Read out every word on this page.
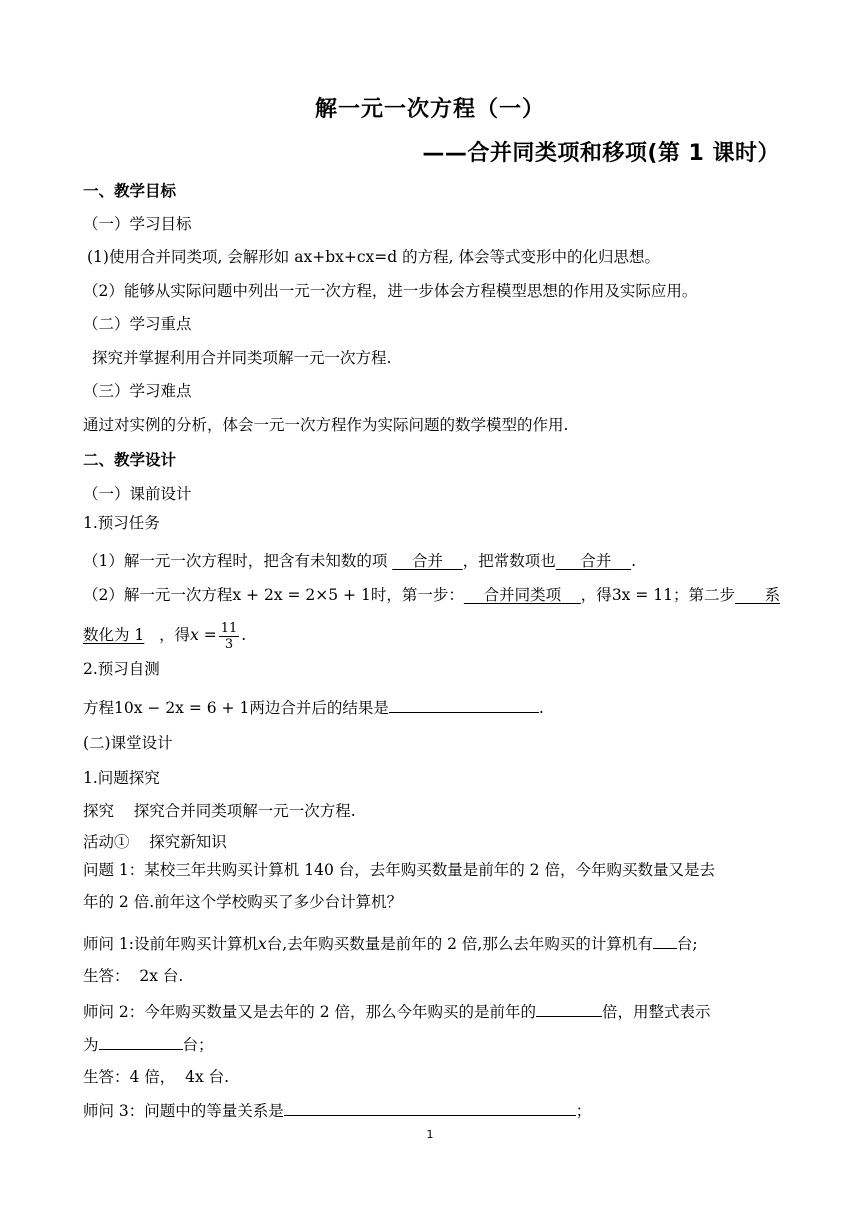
解一元一次方程（一）
——合并同类项和移项(第 1 课时）
一、教学目标
（一）学习目标
(1)使用合并同类项, 会解形如 ax+bx+cx=d 的方程, 体会等式变形中的化归思想。
（2）能够从实际问题中列出一元一次方程，进一步体会方程模型思想的作用及实际应用。
（二）学习重点
探究并掌握利用合并同类项解一元一次方程.
（三）学习难点
通过对实例的分析，体会一元一次方程作为实际问题的数学模型的作用.
二、教学设计
（一）课前设计
1.预习任务
（1）解一元一次方程时，把含有未知数的项     合并 ，把常数项也 合并 .
（2）解一元一次方程x + 2x = 2×5 + 1时，第一步： 合并同类项 ，得3x = 11；第二步 系
数化为 1 ，得$x = \frac{11}{3}$ .
2.预习自测
方程10x − 2x = 6 + 1两边合并后的结果是	.
(二)课堂设计
1.问题探究
探究    探究合并同类项解一元一次方程.
活动①    探究新知识
问题 1：某校三年共购买计算机 140 台，去年购买数量是前年的 2 倍，今年购买数量又是去
年的 2 倍.前年这个学校购买了多少台计算机？
师问 1:设前年购买计算机x台,去年购买数量是前年的 2 倍,那么去年购买的计算机有 台;
生答：  2x 台.
师问 2：今年购买数量又是去年的 2 倍，那么今年购买的是前年的	倍，用整式表示
为	台；
生答：4 倍，  4x 台.
师问 3：问题中的等量关系是	；
1
